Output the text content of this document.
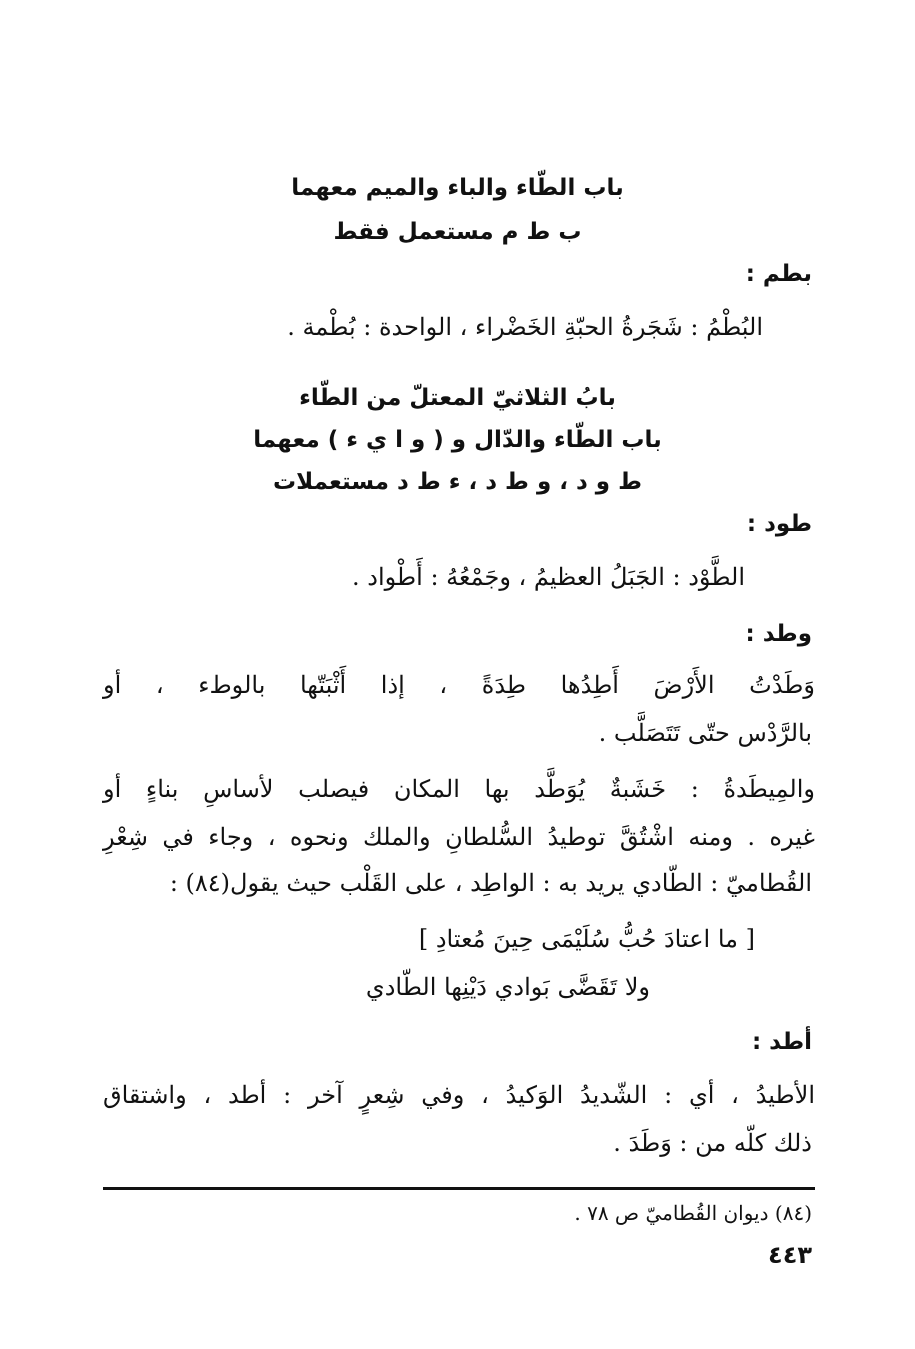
باب الطّاء والباء والميم معهما
ب ط م مستعمل فقط
بطم :
البُطْمُ : شَجَرةُ الحبّةِ الخَضْراء ، الواحدة : بُطْمة .
بابُ الثلاثيّ المعتلّ من الطّاء
باب الطّاء والدّال و ( و ا ي ء ) معهما
ط و د ، و ط د ، ء ط د مستعملات
طود :
الطَّوْد : الجَبَلُ العظيمُ ، وجَمْعُهُ : أَطْواد .
وطد :
وَطَدْتُ الأَرْضَ أَطِدُها طِدَةً ، إذا أَثْبَتّها بالوطء ، أو
بالرَّدْس حتّى تَتَصَلَّب .
والمِيطَدةُ : خَشَبةٌ يُوَطَّد بها المكان فيصلب لأساسِ بناءٍ أو
غيره . ومنه اشْتُقَّ توطيدُ السُّلطانِ والملك ونحوه ، وجاء في شِعْرِ
القُطاميّ : الطّادي يريد به : الواطِد ، على القَلْب حيث يقول(٨٤) :
[ ما اعتادَ حُبُّ سُلَيْمَى حِينَ مُعتادِ ]
ولا تَقَضَّى بَوادي دَيْنِها الطّادي
أطد :
الأطيدُ ، أي : الشّديدُ الوَكيدُ ، وفي شِعرٍ آخر : أطد ، واشتقاق
ذلك كلّه من : وَطَدَ .
(٨٤) ديوان القُطاميّ ص ٧٨ .
٤٤٣
